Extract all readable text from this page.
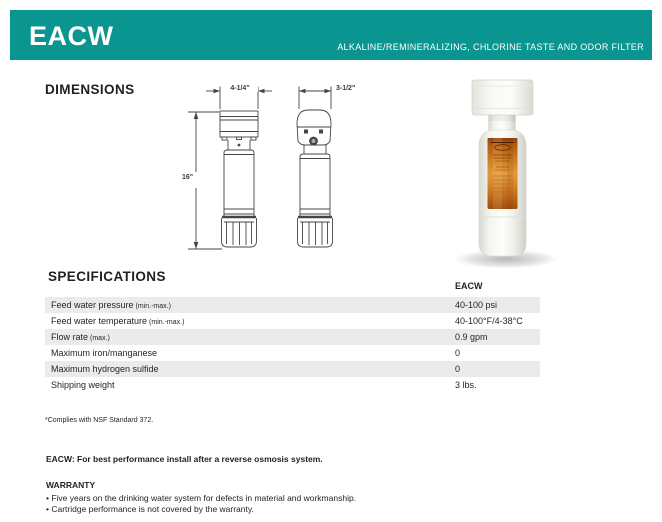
EACW	ALKALINE/REMINERALIZING, CHLORINE TASTE AND ODOR FILTER
DIMENSIONS	4-1/4"	3-1/2"
16"
SPECIFICATIONS
EACW
Feed water pressure (min.-max.)	40-100 psi
Feed water temperature (min.-max.)	40-100°F/4-38°C
Flow rate (max.)	0.9 gpm
Maximum iron/manganese	0
Maximum hydrogen sulfide	0
Shipping weight	3 lbs.
*Complies with NSF Standard 372.
EACW: For best performance install after a reverse osmosis system.
WARRANTY
• Five years on the drinking water system for defects in material and workmanship.
• Cartridge performance is not covered by the warranty.
